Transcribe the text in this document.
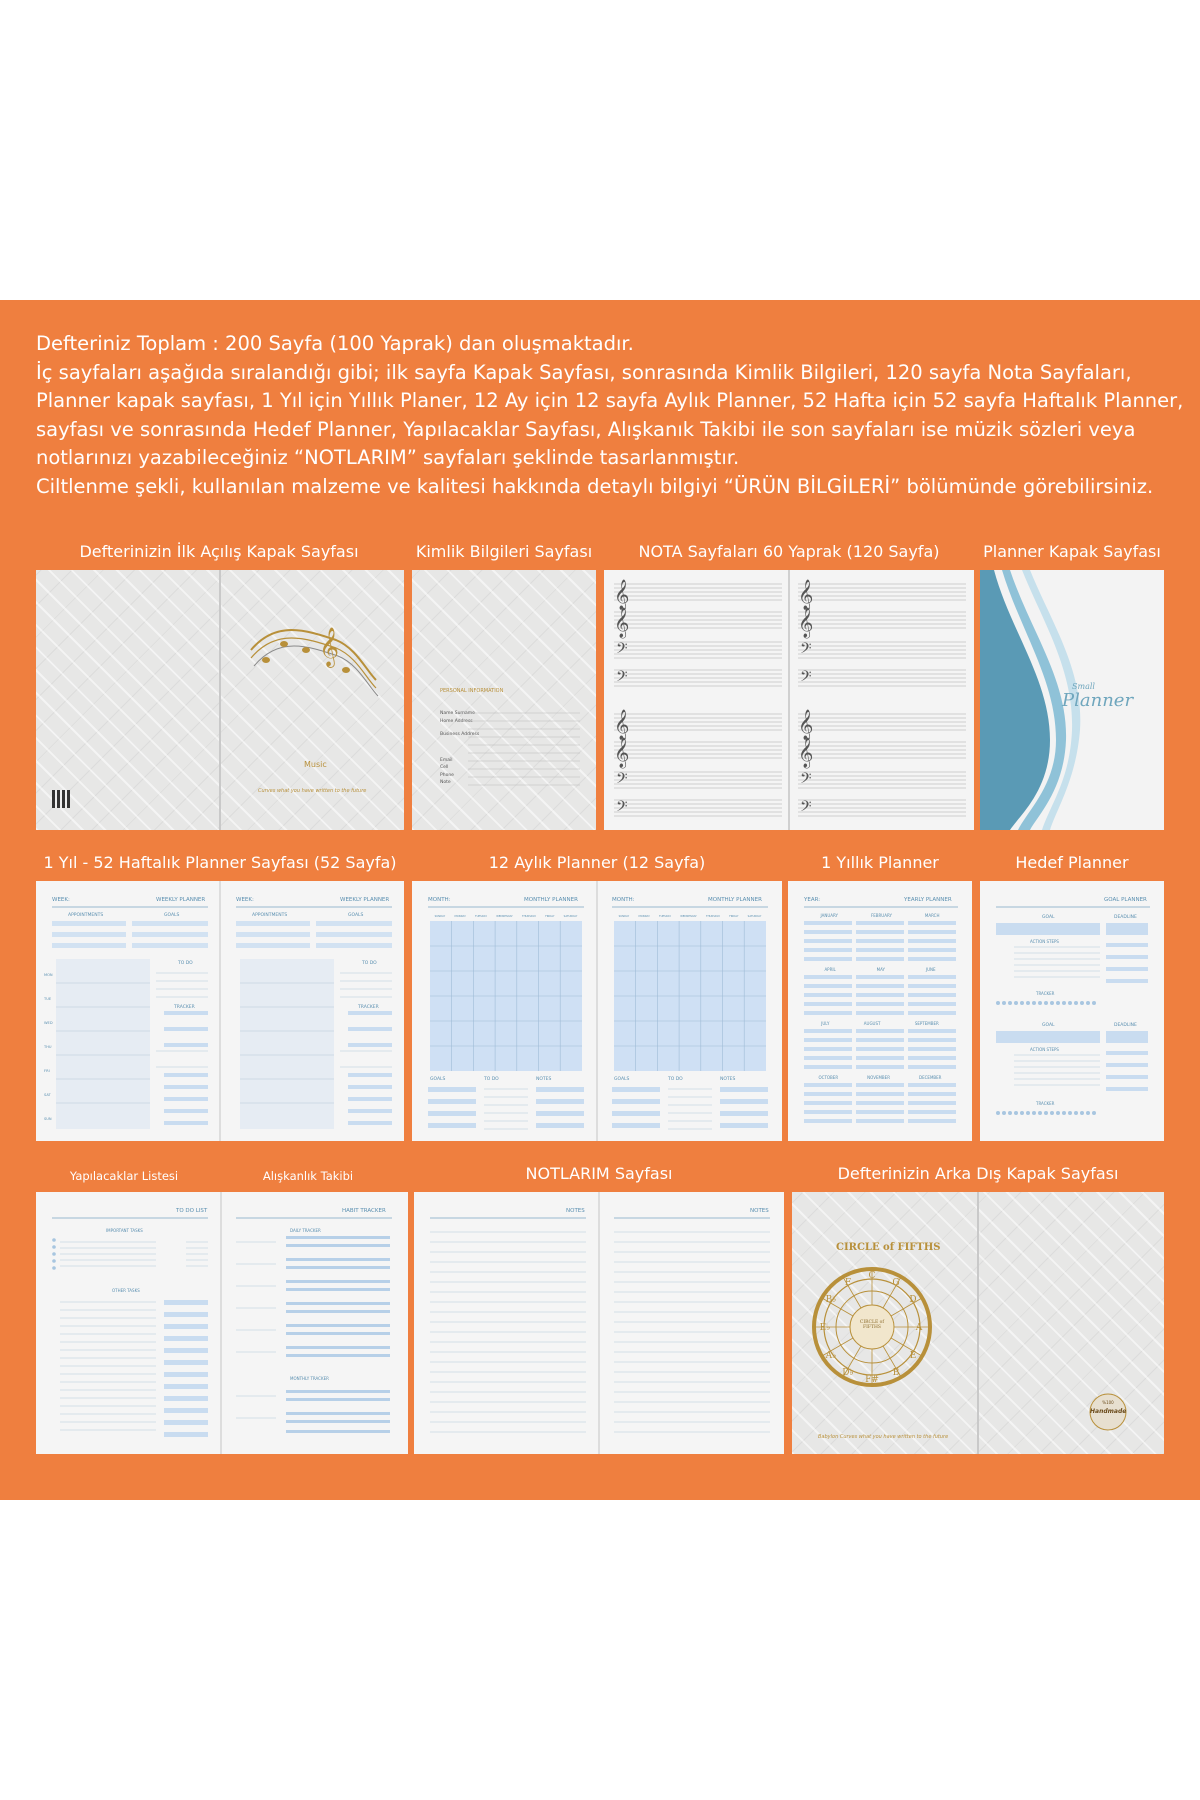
Defteriniz Toplam : 200 Sayfa (100 Yaprak) dan oluşmaktadır.
İç sayfaları aşağıda sıralandığı gibi; ilk sayfa Kapak Sayfası, sonrasında Kimlik Bilgileri, 120 sayfa Nota Sayfaları,
Planner kapak sayfası, 1 Yıl için Yıllık Planer, 12 Ay için 12 sayfa Aylık Planner, 52 Hafta için 52 sayfa Haftalık Planner,
sayfası ve sonrasında Hedef Planner, Yapılacaklar Sayfası, Alışkanık Takibi ile son sayfaları ise müzik sözleri veya
notlarınızı yazabileceğiniz “NOTLARIM” sayfaları şeklinde tasarlanmıştır.
Ciltlenme şekli, kullanılan malzeme ve kalitesi hakkında detaylı bilgiyi “ÜRÜN BİLGİLERİ” bölümünde görebilirsiniz.
Defterinizin İlk Açılış Kapak Sayfası	Kimlik Bilgileri Sayfası	NOTA Sayfaları 60 Yaprak (120 Sayfa)	Planner Kapak Sayfası
𝄞
Music
Curves what you have written to the future
PERSONAL INFORMATION
Name Surname
Home Address
Business Address
Email
Cell
Phone
Note
𝄞
𝄞
𝄢
𝄢
𝄞
𝄞
𝄢
𝄢
𝄞
𝄞
𝄢
𝄢
𝄞
𝄞
𝄢
𝄢
Small
Planner
1 Yıl - 52 Haftalık Planner Sayfası (52 Sayfa)	12 Aylık Planner (12 Sayfa)	1 Yıllık Planner	Hedef Planner
WEEK:	WEEKLY PLANNER
APPOINTMENTS	GOALS
TO DO
TRACKER
WEEK:	WEEKLY PLANNER
APPOINTMENTS	GOALS
TO DO
TRACKER
MON
TUE
WED
THU
FRI
SAT
SUN
MONTH:	MONTHLY PLANNER	MONTH:	MONTHLY PLANNER
SUNDAY	MONDAY	TUESDAY	WEDNESDAY	THURSDAY	FRIDAY	SATURDAY	SUNDAY	MONDAY	TUESDAY	WEDNESDAY	THURSDAY	FRIDAY	SATURDAY
GOALS	TO DO	NOTES	GOALS	TO DO	NOTES
YEAR:	YEARLY PLANNER
JANUARY	FEBRUARY	MARCH
APRIL	MAY	JUNE
JULY	AUGUST	SEPTEMBER
OCTOBER	NOVEMBER	DECEMBER
GOAL PLANNER
GOAL	DEADLINE
ACTION STEPS
TRACKER
GOAL	DEADLINE
ACTION STEPS
TRACKER
Yapılacaklar Listesi	Alışkanlık Takibi	NOTLARIM Sayfası	Defterinizin Arka Dış Kapak Sayfası
TO DO LIST
IMPORTANT TASKS
OTHER TASKS
HABIT TRACKER
DAILY TRACKER
MONTHLY TRACKER
NOTES	NOTES
C
G
D
A
E
B
F#
D♭
A♭
E♭
B♭
F
CIRCLE of FIFTHS
CIRCLE of FIFTHS
%100
Handmade
Babylon Curves what you have written to the future
